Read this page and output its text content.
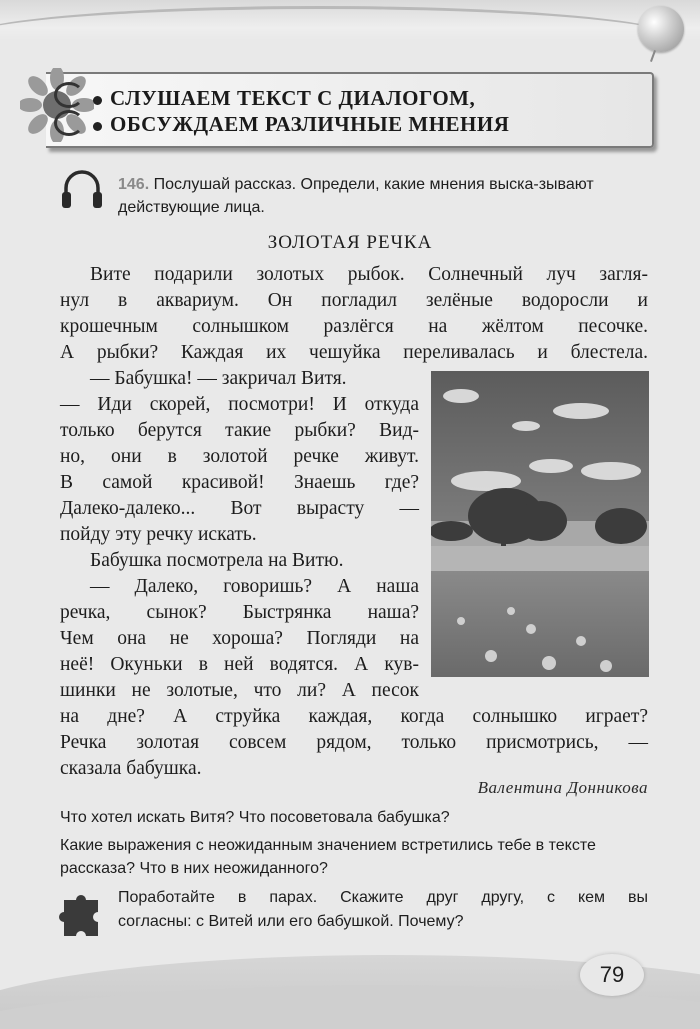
СЛУШАЕМ ТЕКСТ С ДИАЛОГОМ,
ОБСУЖДАЕМ РАЗЛИЧНЫЕ МНЕНИЯ
146. Послушай рассказ. Определи, какие мнения выска-зывают действующие лица.
ЗОЛОТАЯ РЕЧКА
Вите подарили золотых рыбок. Солнечный луч загля-
нул в аквариум. Он погладил зелёные водоросли и
крошечным солнышком разлёгся на жёлтом песочке.
А рыбки? Каждая их чешуйка переливалась и блестела.
— Бабушка! — закричал Витя.
— Иди скорей, посмотри! И откуда
только берутся такие рыбки? Вид-
но, они в золотой речке живут.
В самой красивой! Знаешь где?
Далеко-далеко... Вот вырасту —
пойду эту речку искать.
Бабушка посмотрела на Витю.
— Далеко, говоришь? А наша
речка, сынок? Быстрянка наша?
Чем она не хороша? Погляди на
неё! Окуньки в ней водятся. А кув-
шинки не золотые, что ли? А песок
на дне? А струйка каждая, когда солнышко играет?
Речка золотая совсем рядом, только присмотрись, —
сказала бабушка.
Валентина Донникова
Что хотел искать Витя? Что посоветовала бабушка?
Какие выражения с неожиданным значением встретились тебе в тексте рассказа? Что в них неожиданного?
Поработайте в парах. Скажите друг другу, с кем вы
согласны: с Витей или его бабушкой. Почему?
79
